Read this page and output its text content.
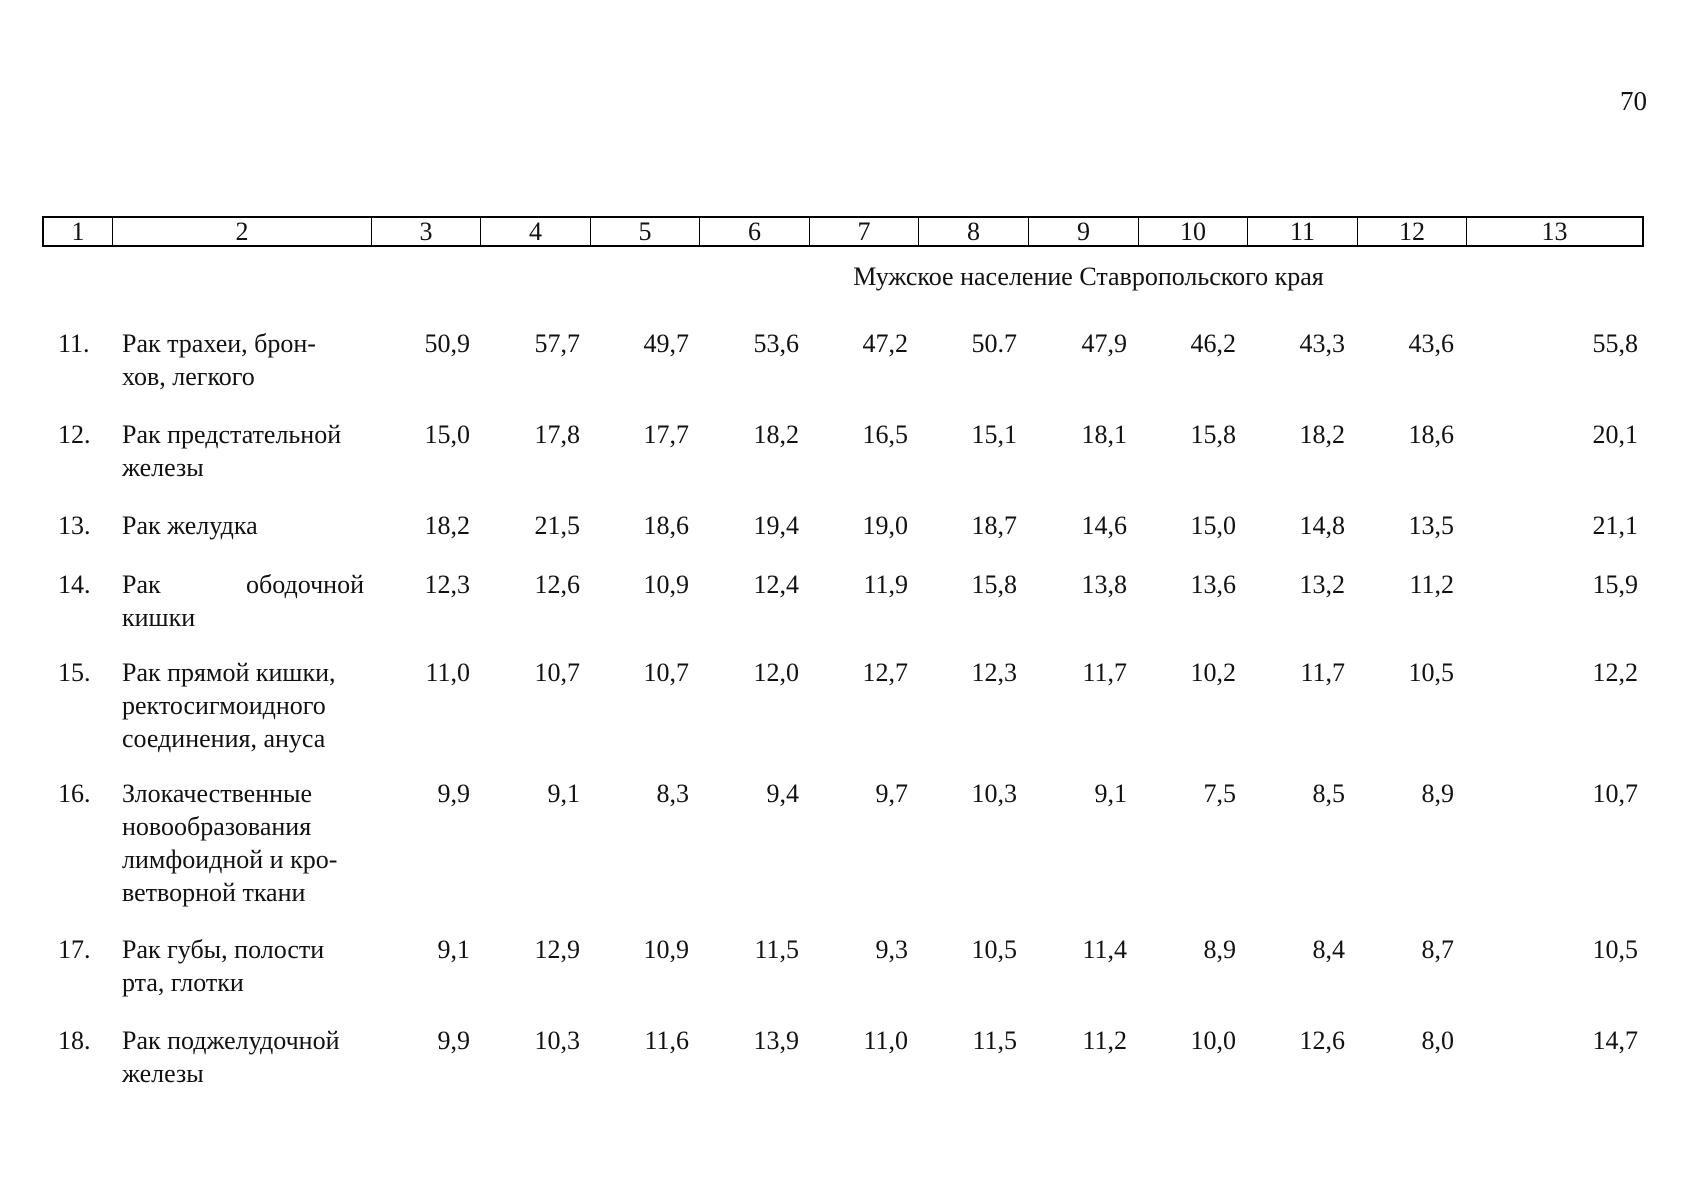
70
1	2	3	4	5	6	7	8	9	10	11	12	13
Мужское население Ставропольского края
11.	Рак трахеи, брон-
хов, легкого
50,9	57,7	49,7	53,6	47,2	50.7	47,9	46,2	43,3	43,6	55,8
12.	Рак предстательной
железы
15,0	17,8	17,7	18,2	16,5	15,1	18,1	15,8	18,2	18,6	20,1
13.	Рак желудка	18,2	21,5	18,6	19,4	19,0	18,7	14,6	15,0	14,8	13,5	21,1
14.	Рак ободочной
кишки
12,3	12,6	10,9	12,4	11,9	15,8	13,8	13,6	13,2	11,2	15,9
15.	Рак прямой кишки,
ректосигмоидного
соединения, ануса
11,0	10,7	10,7	12,0	12,7	12,3	11,7	10,2	11,7	10,5	12,2
16.	Злокачественные
новообразования
лимфоидной и кро-
ветворной ткани
9,9	9,1	8,3	9,4	9,7	10,3	9,1	7,5	8,5	8,9	10,7
17.	Рак губы, полости
рта, глотки
9,1	12,9	10,9	11,5	9,3	10,5	11,4	8,9	8,4	8,7	10,5
18.	Рак поджелудочной
железы
9,9	10,3	11,6	13,9	11,0	11,5	11,2	10,0	12,6	8,0	14,7
